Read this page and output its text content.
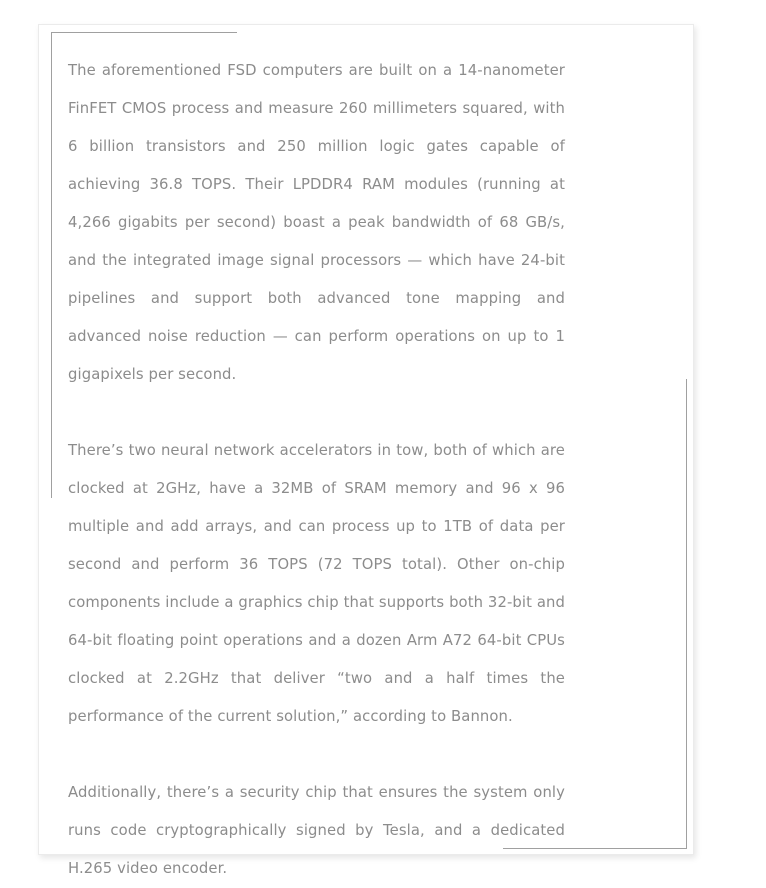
The aforementioned FSD computers are built on a 14-nanometer FinFET CMOS process and measure 260 millimeters squared, with 6 billion transistors and 250 million logic gates capable of achieving 36.8 TOPS. Their LPDDR4 RAM modules (running at 4,266 gigabits per second) boast a peak bandwidth of 68 GB/s, and the integrated image signal processors — which have 24-bit pipelines and support both advanced tone mapping and advanced noise reduction — can perform operations on up to 1 gigapixels per second.

There’s two neural network accelerators in tow, both of which are clocked at 2GHz, have a 32MB of SRAM memory and 96 x 96 multiple and add arrays, and can process up to 1TB of data per second and perform 36 TOPS (72 TOPS total). Other on-chip components include a graphics chip that supports both 32-bit and 64-bit floating point operations and a dozen Arm A72 64-bit CPUs clocked at 2.2GHz that deliver “two and a half times the performance of the current solution,” according to Bannon.

Additionally, there’s a security chip that ensures the system only runs code cryptographically signed by Tesla, and a dedicated H.265 video encoder.
